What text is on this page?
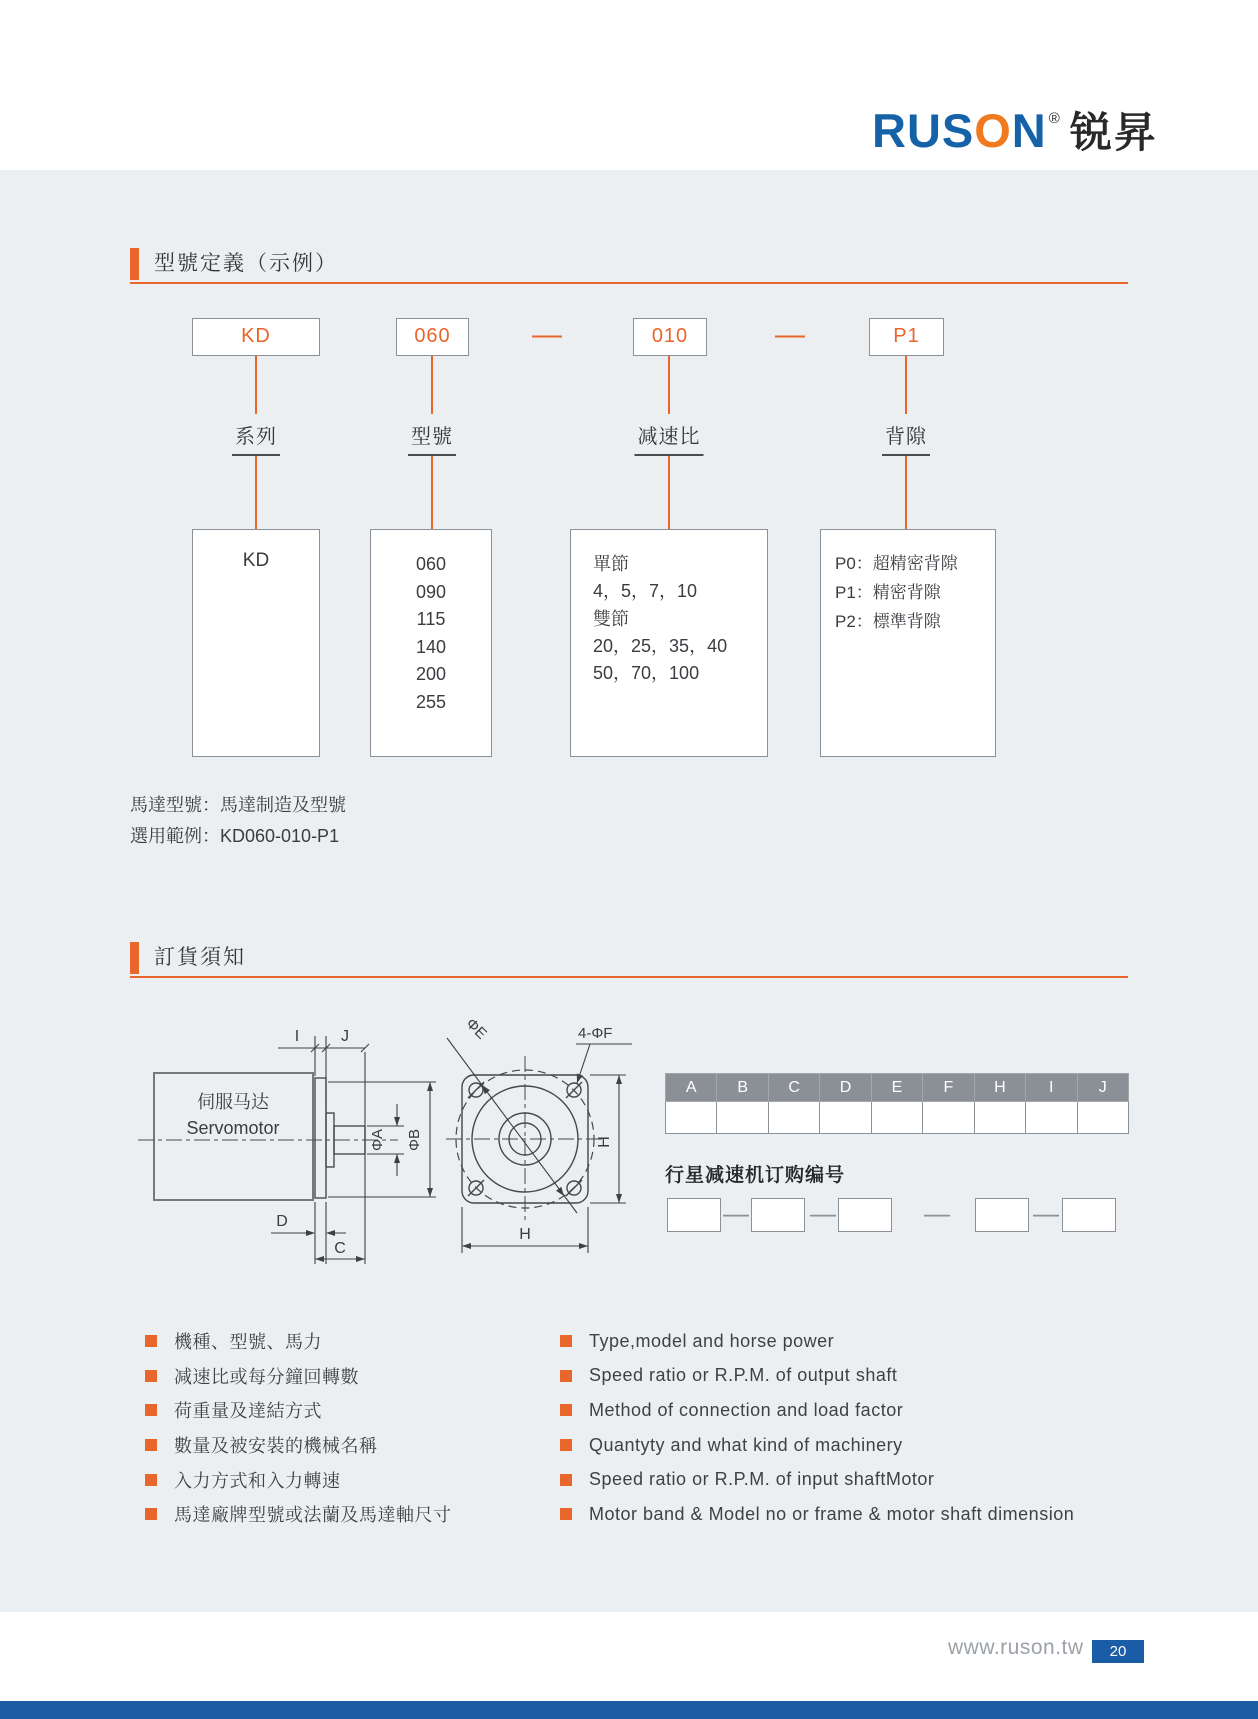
RUS O N ® 锐昇
型號定義（示例）
KD	060	—	010	—	P1
系列	型號	减速比	背隙
KD	060
090
115
140
200
255
單節
4，5，7，10
雙節
20，25，35，40
50，70，100
P0：超精密背隙
P1：精密背隙
P2：標準背隙
馬達型號：馬達制造及型號
選用範例：KD060-010-P1
訂貨須知
伺服马达
Servomotor
I	J
ΦA ΦB
D
C
ΦE	4-ΦF
H
H
A	B	C	D	E	F	H	I	J

行星减速机订购编号
— —	—	—
機種、型號、馬力
减速比或每分鐘回轉數
荷重量及達結方式
數量及被安裝的機械名稱
入力方式和入力轉速
馬達廠牌型號或法蘭及馬達軸尺寸
Type,model and horse power
Speed ratio or R.P.M. of output shaft
Method of connection and load factor
Quantyty and what kind of machinery
Speed ratio or R.P.M. of input shaftMotor
Motor band & Model no or frame & motor shaft dimension
www.ruson.tw	20
